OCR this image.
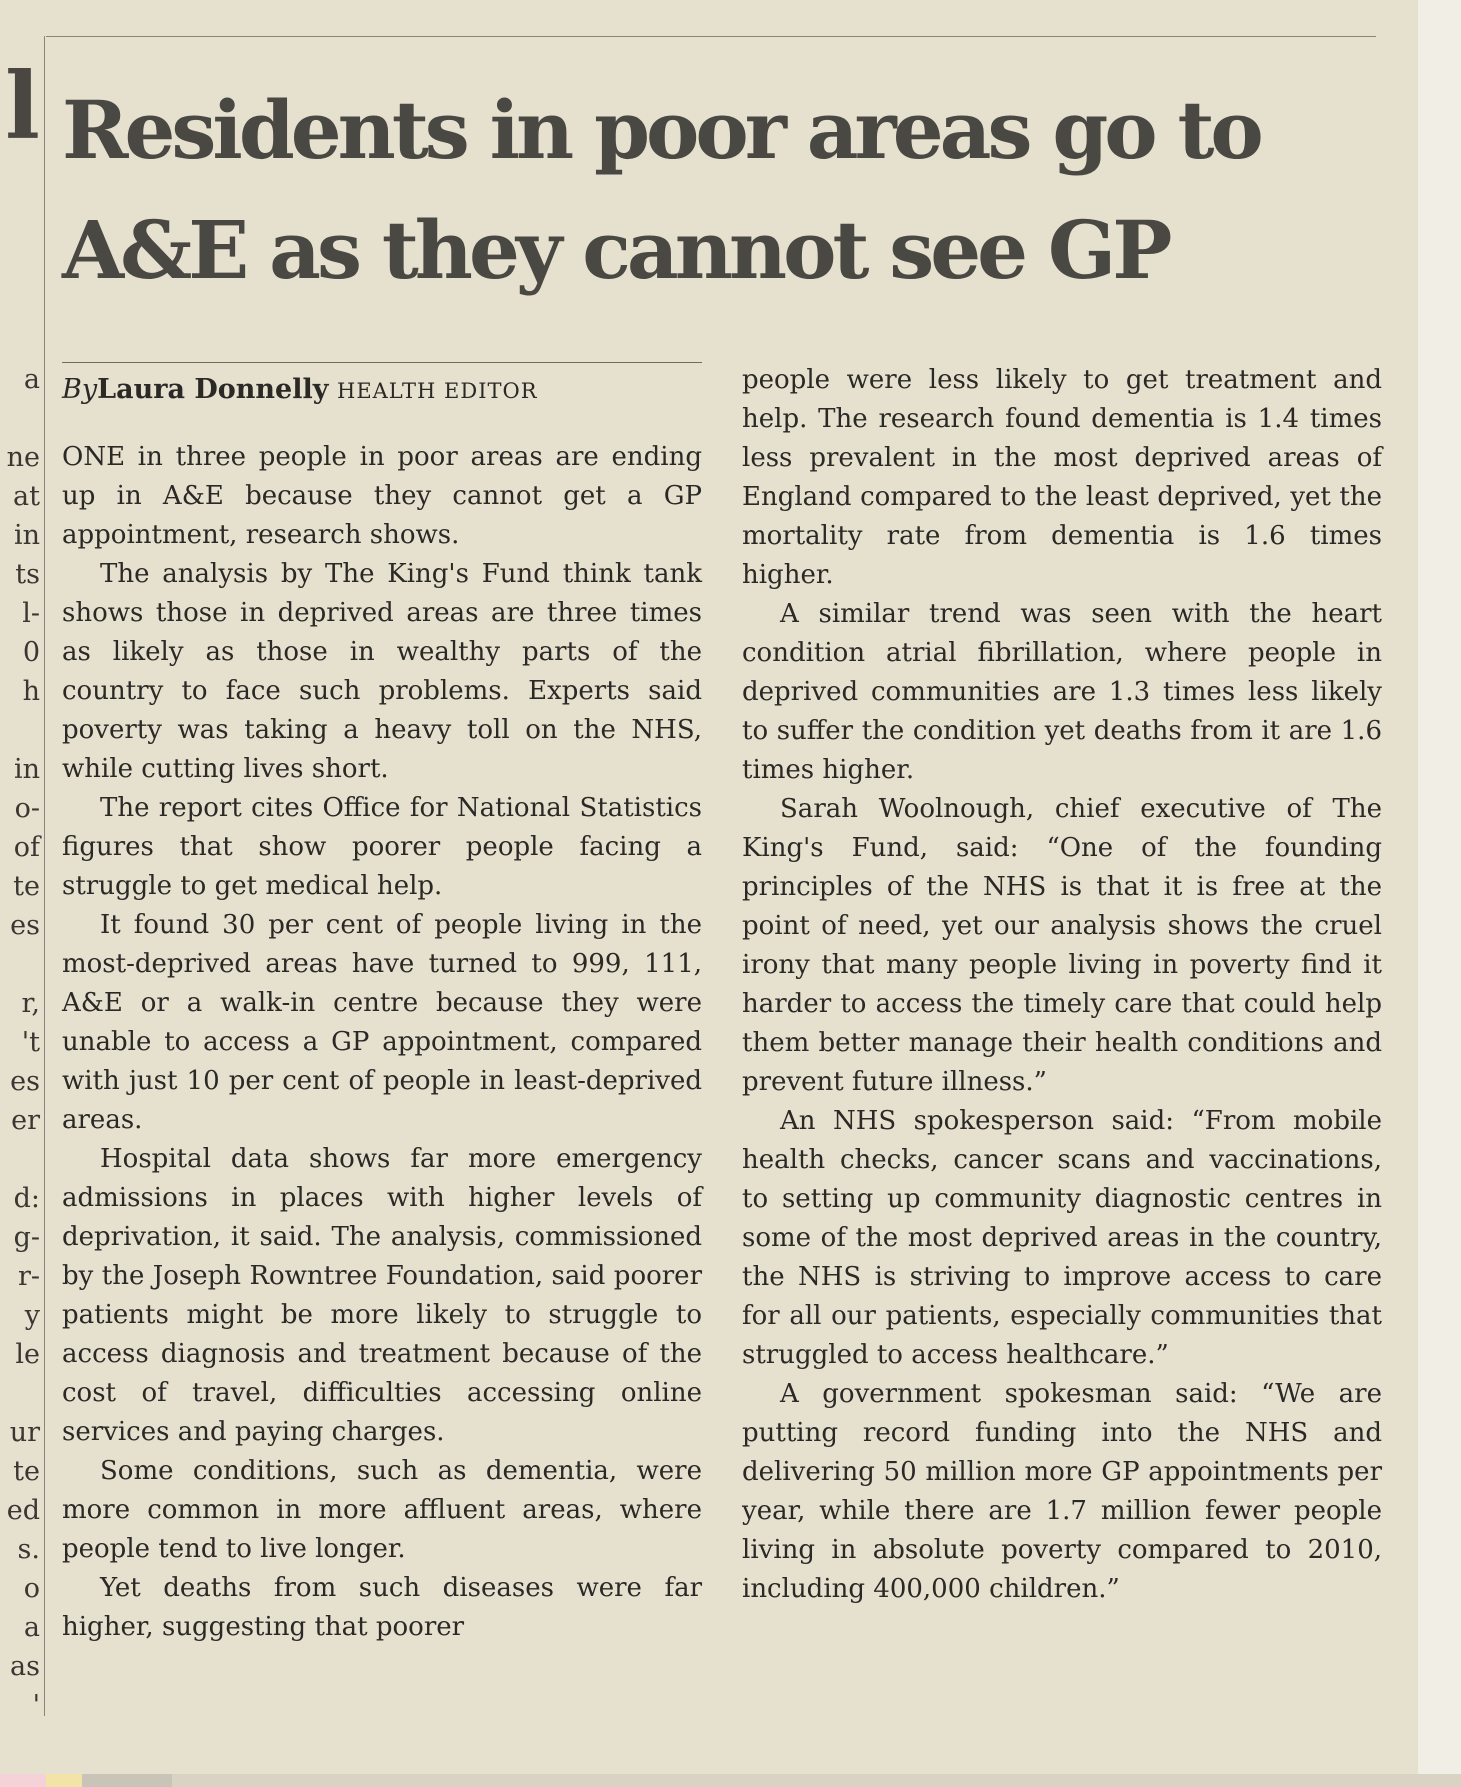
l
a
ne
at
in
ts
l-
0
h
in
o-
of
te
es
r,
't
es
er
d:
g-
r-
y
le
ur
te
ed
s.
o
a
as
'
Residents in poor areas go to A&E as they cannot see GP
ByLaura Donnelly HEALTH EDITOR

ONE in three people in poor areas are ending up in A&E because they cannot get a GP appointment, research shows.

The analysis by The King's Fund think tank shows those in deprived areas are three times as likely as those in wealthy parts of the country to face such problems. Experts said poverty was taking a heavy toll on the NHS, while cutting lives short.

The report cites Office for National Statistics figures that show poorer people facing a struggle to get medical help.

It found 30 per cent of people living in the most-deprived areas have turned to 999, 111, A&E or a walk-in centre because they were unable to access a GP appointment, compared with just 10 per cent of people in least-deprived areas.

Hospital data shows far more emergency admissions in places with higher levels of deprivation, it said. The analysis, commissioned by the Joseph Rowntree Foundation, said poorer patients might be more likely to struggle to access diagnosis and treatment because of the cost of travel, difficulties accessing online services and paying charges.

Some conditions, such as dementia, were more common in more affluent areas, where people tend to live longer.

Yet deaths from such diseases were far higher, suggesting that poorer

people were less likely to get treatment and help. The research found dementia is 1.4 times less prevalent in the most deprived areas of England compared to the least deprived, yet the mortality rate from dementia is 1.6 times higher.

A similar trend was seen with the heart condition atrial fibrillation, where people in deprived communities are 1.3 times less likely to suffer the condition yet deaths from it are 1.6 times higher.

Sarah Woolnough, chief executive of The King's Fund, said: “One of the founding principles of the NHS is that it is free at the point of need, yet our analysis shows the cruel irony that many people living in poverty find it harder to access the timely care that could help them better manage their health conditions and prevent future illness.”

An NHS spokesperson said: “From mobile health checks, cancer scans and vaccinations, to setting up community diagnostic centres in some of the most deprived areas in the country, the NHS is striving to improve access to care for all our patients, especially communities that struggled to access healthcare.”

A government spokesman said: “We are putting record funding into the NHS and delivering 50 million more GP appointments per year, while there are 1.7 million fewer people living in absolute poverty compared to 2010, including 400,000 children.”
